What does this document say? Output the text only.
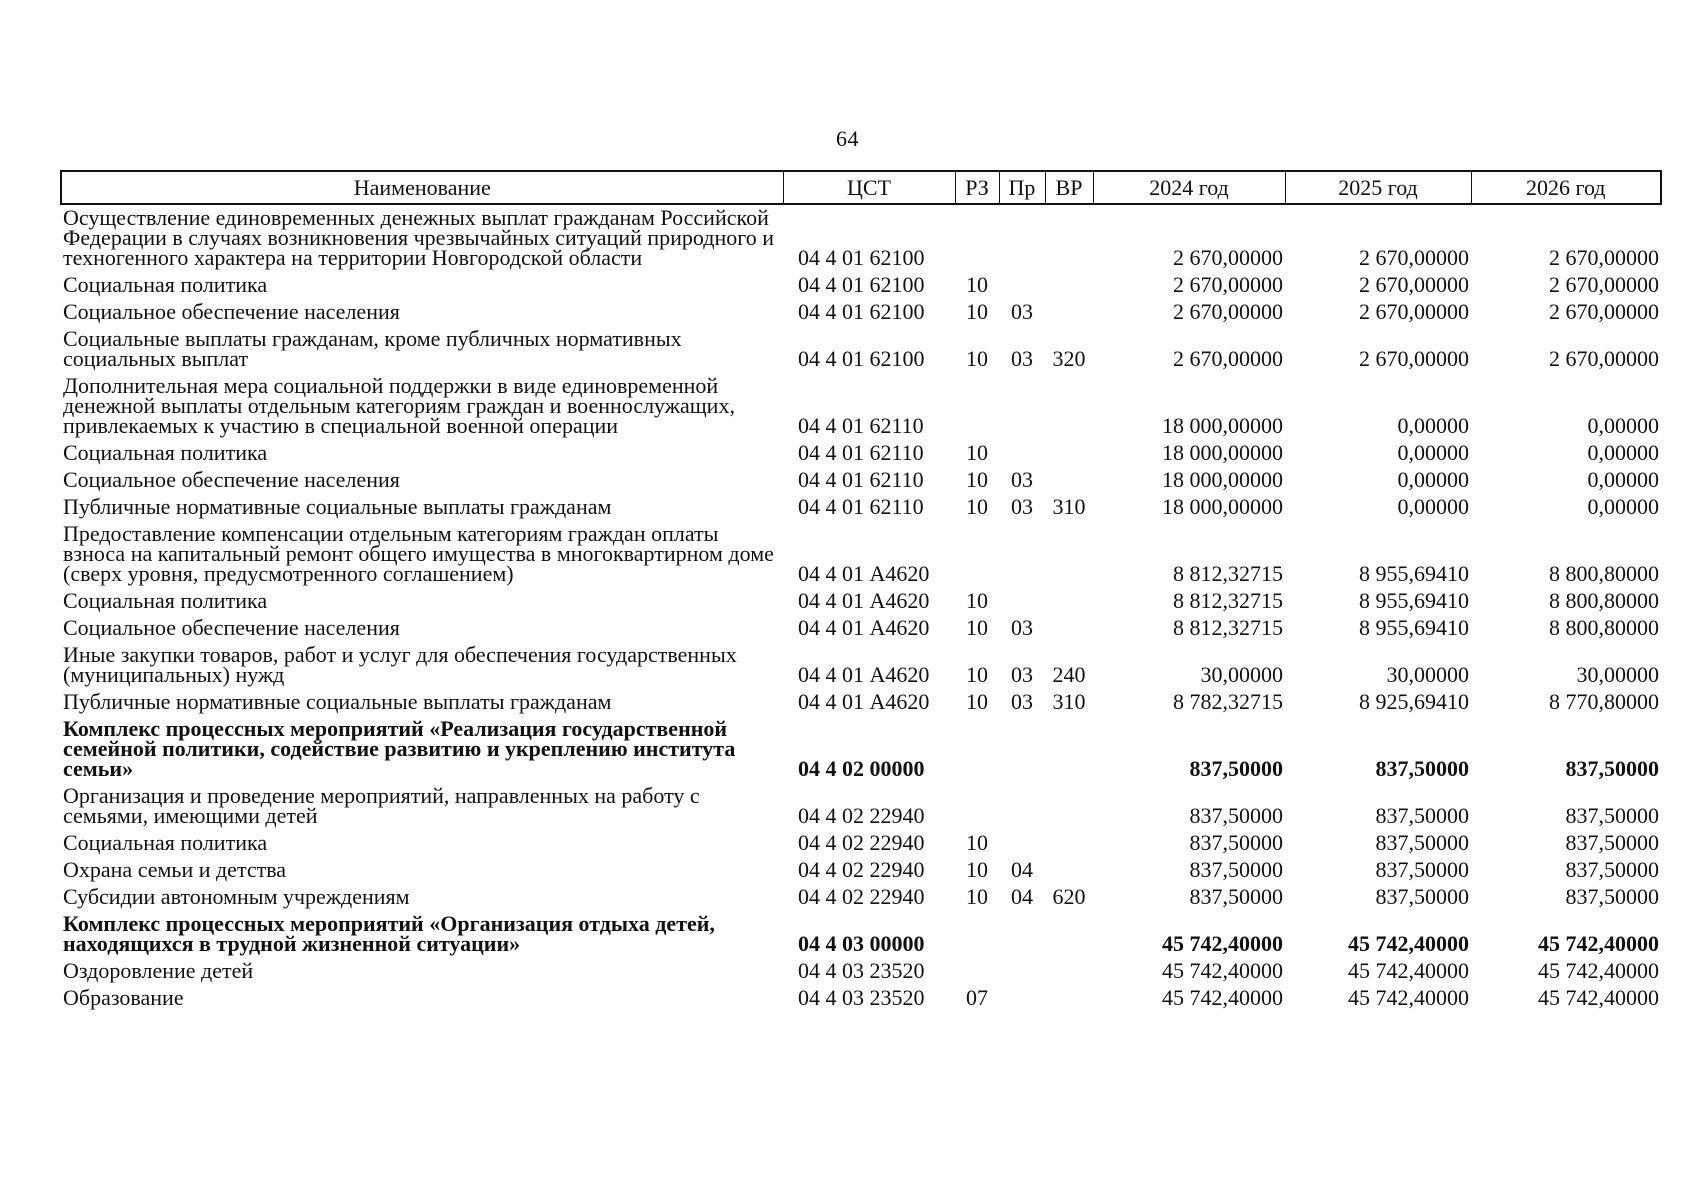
64
Наименование	ЦСТ	РЗ	Пр	ВР	2024 год	2025 год	2026 год
Осуществление единовременных денежных выплат гражданам Российской Федерации в случаях возникновения чрезвычайных ситуаций природного и техногенного характера на территории Новгородской области	04 4 01 62100				2 670,00000	2 670,00000	2 670,00000
Социальная политика	04 4 01 62100	10			2 670,00000	2 670,00000	2 670,00000
Социальное обеспечение населения	04 4 01 62100	10	03		2 670,00000	2 670,00000	2 670,00000
Социальные выплаты гражданам, кроме публичных нормативных социальных выплат	04 4 01 62100	10	03	320	2 670,00000	2 670,00000	2 670,00000
Дополнительная мера социальной поддержки в виде единовременной денежной выплаты отдельным категориям граждан и военнослужащих, привлекаемых к участию в специальной военной операции	04 4 01 62110				18 000,00000	0,00000	0,00000
Социальная политика	04 4 01 62110	10			18 000,00000	0,00000	0,00000
Социальное обеспечение населения	04 4 01 62110	10	03		18 000,00000	0,00000	0,00000
Публичные нормативные социальные выплаты гражданам	04 4 01 62110	10	03	310	18 000,00000	0,00000	0,00000
Предоставление компенсации отдельным категориям граждан оплаты взноса на капитальный ремонт общего имущества в многоквартирном доме (сверх уровня, предусмотренного соглашением)	04 4 01 А4620				8 812,32715	8 955,69410	8 800,80000
Социальная политика	04 4 01 А4620	10			8 812,32715	8 955,69410	8 800,80000
Социальное обеспечение населения	04 4 01 А4620	10	03		8 812,32715	8 955,69410	8 800,80000
Иные закупки товаров, работ и услуг для обеспечения государственных (муниципальных) нужд	04 4 01 А4620	10	03	240	30,00000	30,00000	30,00000
Публичные нормативные социальные выплаты гражданам	04 4 01 А4620	10	03	310	8 782,32715	8 925,69410	8 770,80000
Комплекс процессных мероприятий «Реализация государственной семейной политики, содействие развитию и укреплению института семьи»	04 4 02 00000				837,50000	837,50000	837,50000
Организация и проведение мероприятий, направленных на работу с семьями, имеющими детей	04 4 02 22940				837,50000	837,50000	837,50000
Социальная политика	04 4 02 22940	10			837,50000	837,50000	837,50000
Охрана семьи и детства	04 4 02 22940	10	04		837,50000	837,50000	837,50000
Субсидии автономным учреждениям	04 4 02 22940	10	04	620	837,50000	837,50000	837,50000
Комплекс процессных мероприятий «Организация отдыха детей, находящихся в трудной жизненной ситуации»	04 4 03 00000				45 742,40000	45 742,40000	45 742,40000
Оздоровление детей	04 4 03 23520				45 742,40000	45 742,40000	45 742,40000
Образование	04 4 03 23520	07			45 742,40000	45 742,40000	45 742,40000
